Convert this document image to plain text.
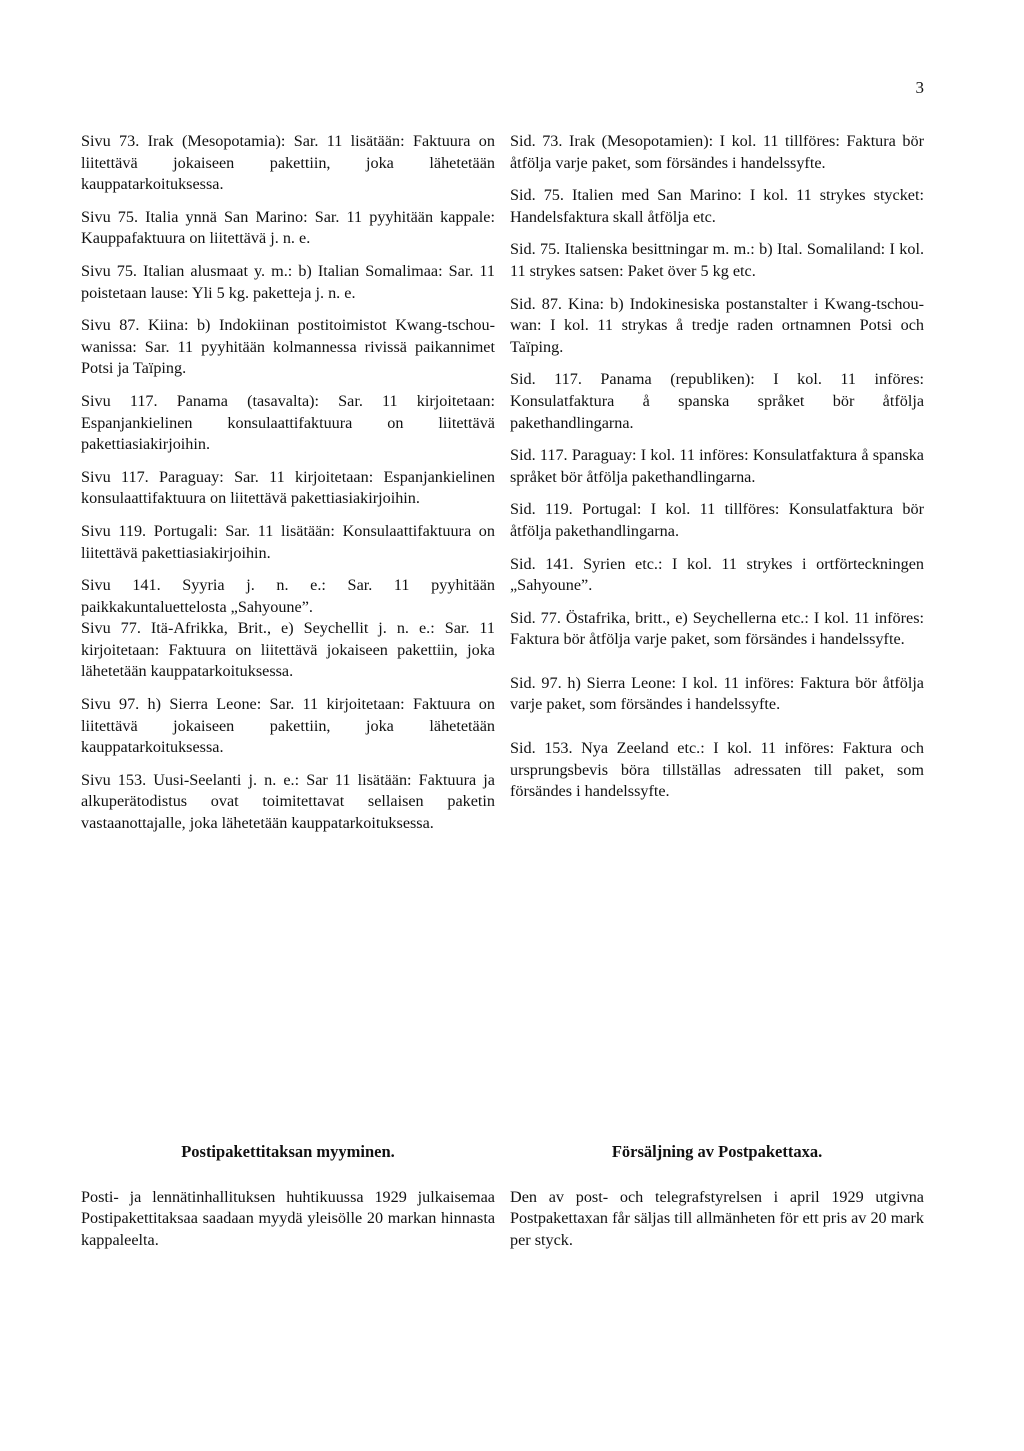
3

Sivu 73. Irak (Mesopotamia): Sar. 11 lisätään: Faktuura on liitettävä jokaiseen pakettiin, joka lähetetään kauppatarkoituksessa.

Sivu 75. Italia ynnä San Marino: Sar. 11 pyyhitään kappale: Kauppafaktuura on liitettävä j. n. e.

Sivu 75. Italian alusmaat y. m.: b) Italian Somalimaa: Sar. 11 poistetaan lause: Yli 5 kg. paketteja j. n. e.

Sivu 87. Kiina: b) Indokiinan postitoimistot Kwang-tschou-wanissa: Sar. 11 pyyhitään kolmannessa rivissä paikannimet Potsi ja Taïping.

Sivu 117. Panama (tasavalta): Sar. 11 kirjoitetaan: Espanjankielinen konsulaattifaktuura on liitettävä pakettiasiakirjoihin.

Sivu 117. Paraguay: Sar. 11 kirjoitetaan: Espanjankielinen konsulaattifaktuura on liitettävä pakettiasiakirjoihin.

Sivu 119. Portugali: Sar. 11 lisätään: Konsulaattifaktuura on liitettävä pakettiasiakirjoihin.

Sivu 141. Syyria j. n. e.: Sar. 11 pyyhitään paikkakuntaluettelosta „Sahyoune”.

Sivu 77. Itä-Afrikka, Brit., e) Seychellit j. n. e.: Sar. 11 kirjoitetaan: Faktuura on liitettävä jokaiseen pakettiin, joka lähetetään kauppatarkoituksessa.

Sivu 97. h) Sierra Leone: Sar. 11 kirjoitetaan: Faktuura on liitettävä jokaiseen pakettiin, joka lähetetään kauppatarkoituksessa.

Sivu 153. Uusi-Seelanti j. n. e.: Sar 11 lisätään: Faktuura ja alkuperätodistus ovat toimitettavat sellaisen paketin vastaanottajalle, joka lähetetään kauppatarkoituksessa.

Sid. 73. Irak (Mesopotamien): I kol. 11 tillföres: Faktura bör åtfölja varje paket, som försändes i handelssyfte.

Sid. 75. Italien med San Marino: I kol. 11 strykes stycket: Handelsfaktura skall åtfölja etc.

Sid. 75. Italienska besittningar m. m.: b) Ital. Somaliland: I kol. 11 strykes satsen: Paket över 5 kg etc.

Sid. 87. Kina: b) Indokinesiska postanstalter i Kwang-tschou-wan: I kol. 11 strykas å tredje raden ortnamnen Potsi och Taïping.

Sid. 117. Panama (republiken): I kol. 11 införes: Konsulatfaktura å spanska språket bör åtfölja pakethandlingarna.

Sid. 117. Paraguay: I kol. 11 införes: Konsulatfaktura å spanska språket bör åtfölja pakethandlingarna.

Sid. 119. Portugal: I kol. 11 tillföres: Konsulatfaktura bör åtfölja pakethandlingarna.

Sid. 141. Syrien etc.: I kol. 11 strykes i ortförteckningen „Sahyoune”.

Sid. 77. Östafrika, britt., e) Seychellerna etc.: I kol. 11 införes: Faktura bör åtfölja varje paket, som försändes i handelssyfte.

Sid. 97. h) Sierra Leone: I kol. 11 införes: Faktura bör åtfölja varje paket, som försändes i handelssyfte.

Sid. 153. Nya Zeeland etc.: I kol. 11 införes: Faktura och ursprungsbevis böra tillställas adressaten till paket, som försändes i handelssyfte.

Postipakettitaksan myyminen.

Posti- ja lennätinhallituksen huhtikuussa 1929 julkaisemaa Postipakettitaksaa saadaan myydä yleisölle 20 markan hinnasta kappaleelta.

Försäljning av Postpakettaxa.

Den av post- och telegrafstyrelsen i april 1929 utgivna Postpakettaxan får säljas till allmänheten för ett pris av 20 mark per styck.
